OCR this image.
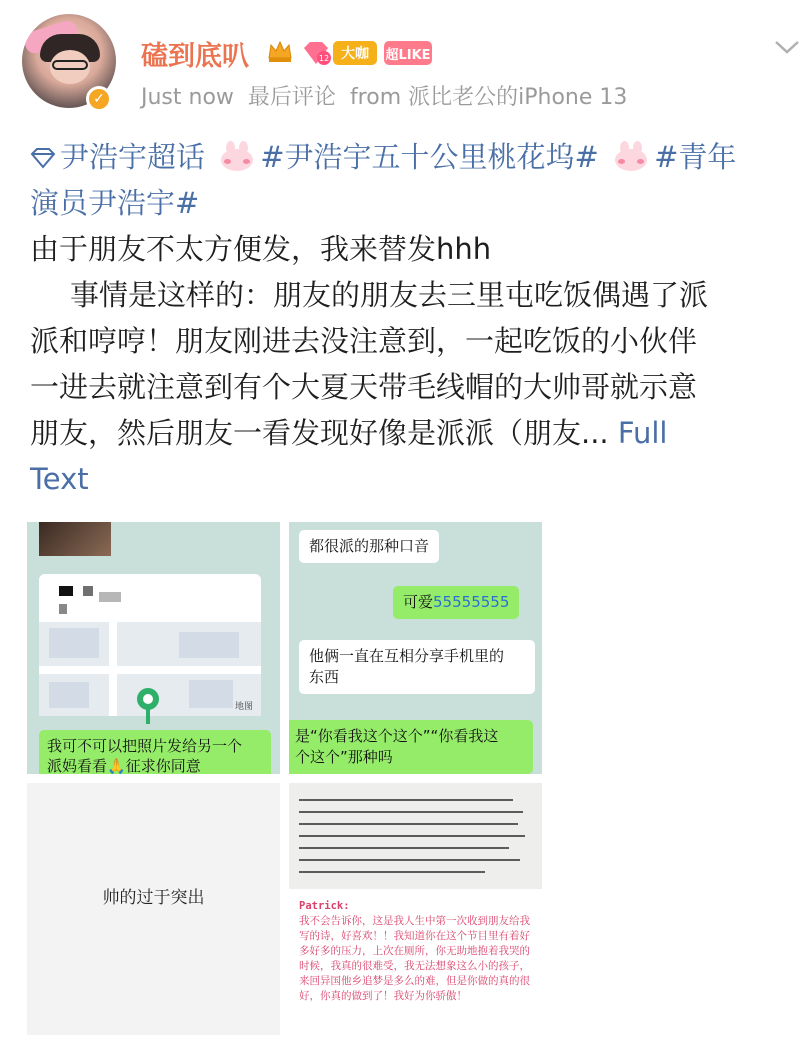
✓
磕到底叭	12 大咖	超LIKE
Just now 最后评论 from 派比老公的iPhone 13
尹浩宇超话 #尹浩宇五十公里桃花坞# #青年
演员尹浩宇#
由于朋友不太方便发，我来替发hhh
事情是这样的：朋友的朋友去三里屯吃饭偶遇了派
派和哼哼！朋友刚进去没注意到，一起吃饭的小伙伴
一进去就注意到有个大夏天带毛线帽的大帅哥就示意
朋友，然后朋友一看发现好像是派派（朋友... Full
Text
地图
我可不可以把照片发给另一个
派妈看看🙏征求你同意
都很派的那种口音
可爱55555555
他俩一直在互相分享手机里的
东西
是“你看我这个这个”“你看我这
个这个”那种吗
帅的过于突出	Patrick:
我不会告诉你，这是我人生中第一次收到朋友给我写的诗，好喜欢！！我知道你在这个节目里有着好多好多的压力，上次在厕所，你无助地抱着我哭的时候，我真的很难受，我无法想象这么小的孩子，来回异国他乡追梦是多么的难，但是你做的真的很好，你真的做到了！我好为你骄傲！
